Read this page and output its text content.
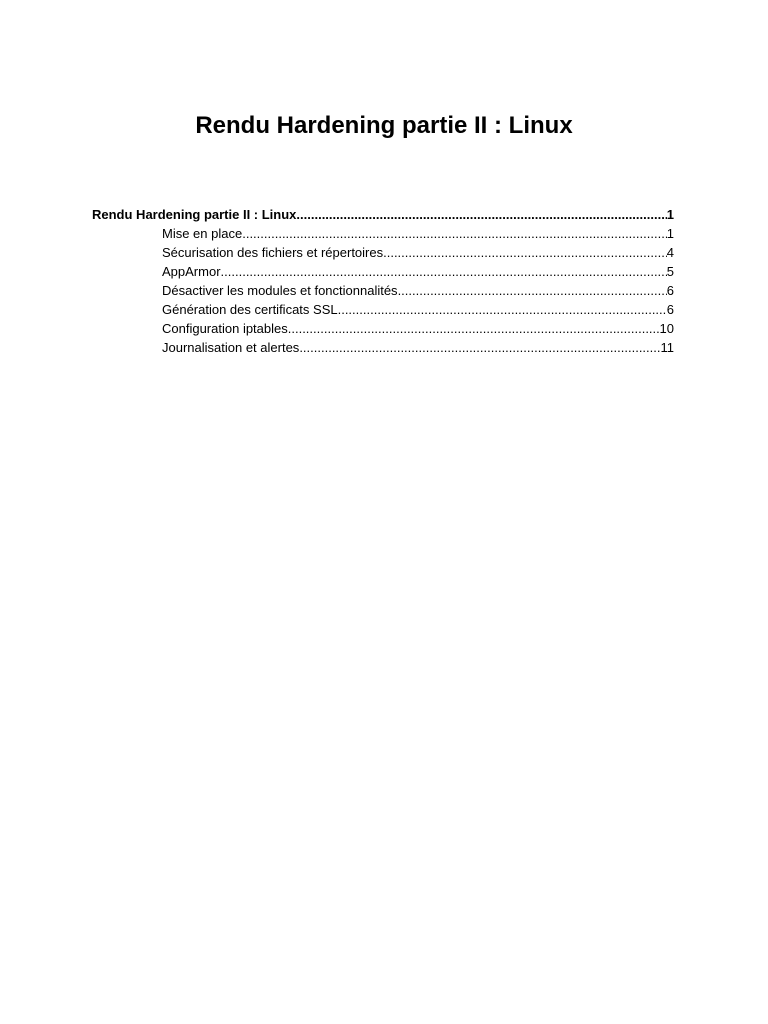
Rendu Hardening partie II : Linux
Rendu Hardening partie II : Linux .....	1
Mise en place .....	1
Sécurisation des fichiers et répertoires .....	4
AppArmor .....	5
Désactiver les modules et fonctionnalités .....	6
Génération des certificats SSL .....	6
Configuration iptables .....	10
Journalisation et alertes .....	11
